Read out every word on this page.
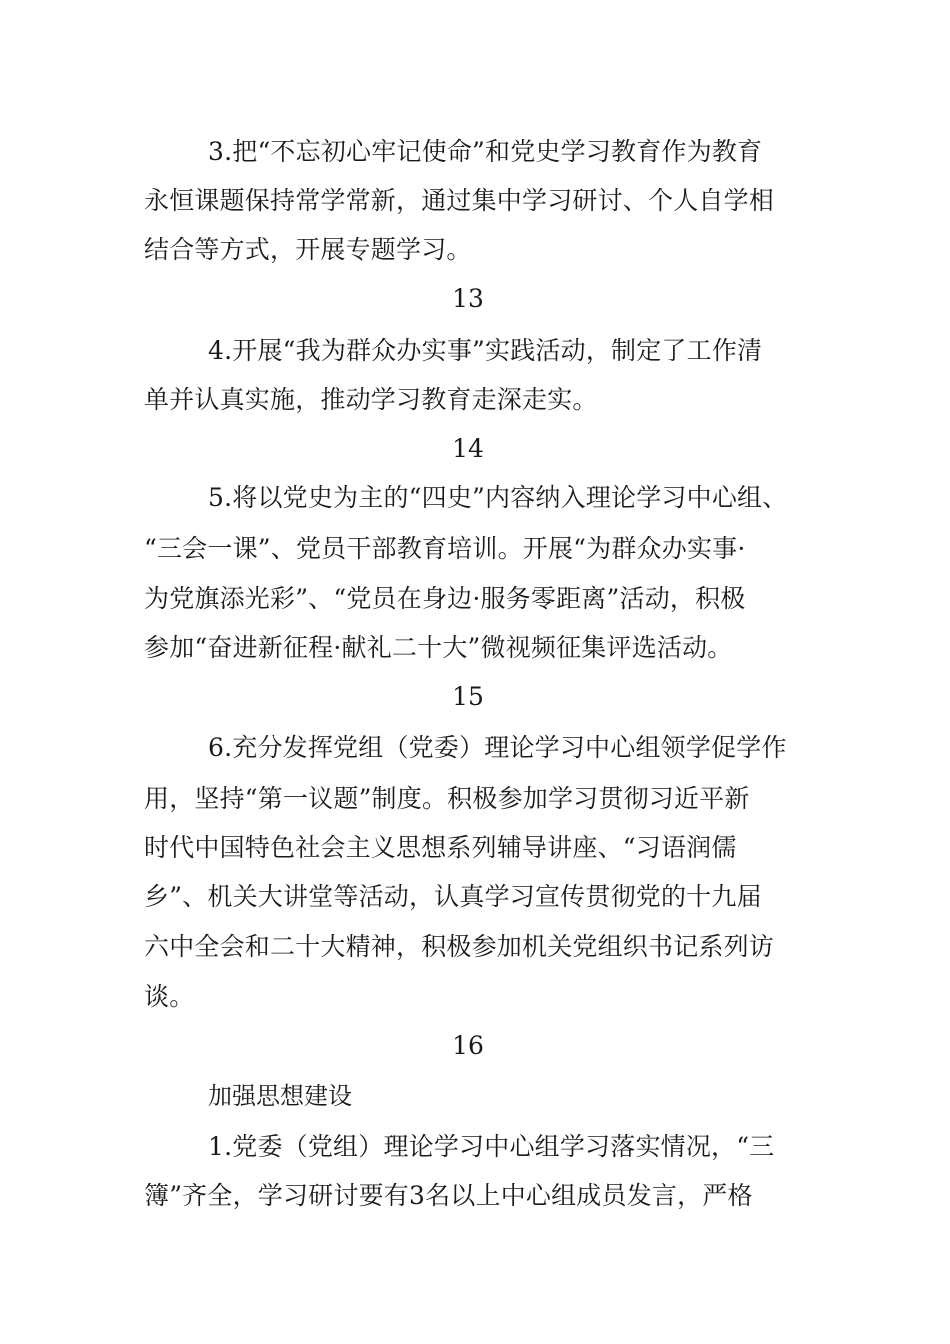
3.把“不忘初心牢记使命”和党史学习教育作为教育
永恒课题保持常学常新，通过集中学习研讨、个人自学相
结合等方式，开展专题学习。
13
4.开展“我为群众办实事”实践活动，制定了工作清
单并认真实施，推动学习教育走深走实。
14
5.将以党史为主的“四史”内容纳入理论学习中心组、
“三会一课”、党员干部教育培训。开展“为群众办实事·
为党旗添光彩”、“党员在身边·服务零距离”活动，积极
参加“奋进新征程·献礼二十大”微视频征集评选活动。
15
6.充分发挥党组（党委）理论学习中心组领学促学作
用，坚持“第一议题”制度。积极参加学习贯彻习近平新
时代中国特色社会主义思想系列辅导讲座、“习语润儒
乡”、机关大讲堂等活动，认真学习宣传贯彻党的十九届
六中全会和二十大精神，积极参加机关党组织书记系列访
谈。
16
加强思想建设
1.党委（党组）理论学习中心组学习落实情况，“三
簿”齐全，学习研讨要有3名以上中心组成员发言，严格
